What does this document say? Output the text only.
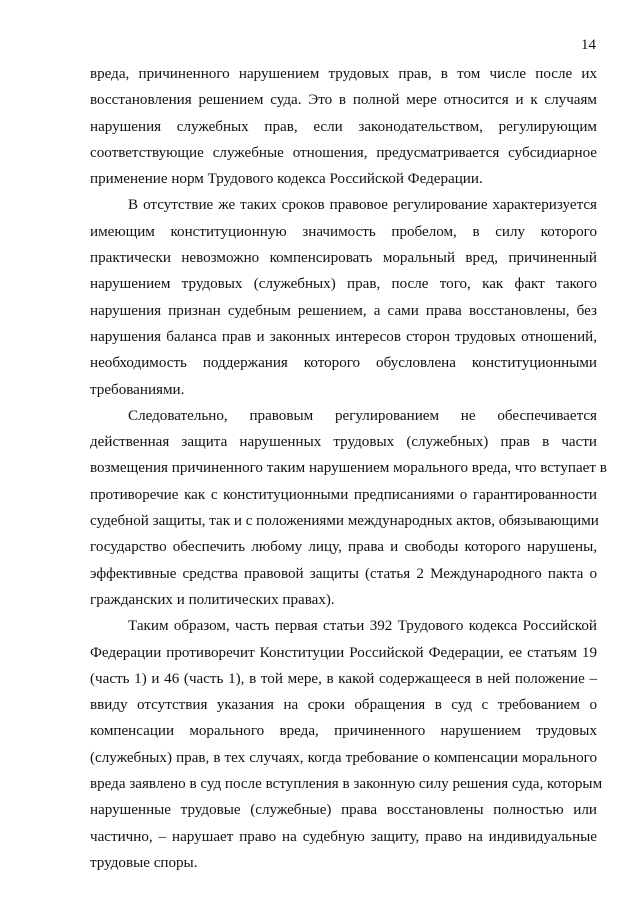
14
вреда, причиненного нарушением трудовых прав, в том числе после их
восстановления решением суда. Это в полной мере относится и к случаям
нарушения служебных прав, если законодательством, регулирующим
соответствующие служебные отношения, предусматривается субсидиарное
применение норм Трудового кодекса Российской Федерации.
В отсутствие же таких сроков правовое регулирование характеризуется
имеющим конституционную значимость пробелом, в силу которого
практически невозможно компенсировать моральный вред, причиненный
нарушением трудовых (служебных) прав, после того, как факт такого
нарушения признан судебным решением, а сами права восстановлены, без
нарушения баланса прав и законных интересов сторон трудовых отношений,
необходимость поддержания которого обусловлена конституционными
требованиями.
Следовательно, правовым регулированием не обеспечивается
действенная защита нарушенных трудовых (служебных) прав в части
возмещения причиненного таким нарушением морального вреда, что вступает в
противоречие как с конституционными предписаниями о гарантированности
судебной защиты, так и с положениями международных актов, обязывающими
государство обеспечить любому лицу, права и свободы которого нарушены,
эффективные средства правовой защиты (статья 2 Международного пакта о
гражданских и политических правах).
Таким образом, часть первая статьи 392 Трудового кодекса Российской
Федерации противоречит Конституции Российской Федерации, ее статьям 19
(часть 1) и 46 (часть 1), в той мере, в какой содержащееся в ней положение –
ввиду отсутствия указания на сроки обращения в суд с требованием о
компенсации морального вреда, причиненного нарушением трудовых
(служебных) прав, в тех случаях, когда требование о компенсации морального
вреда заявлено в суд после вступления в законную силу решения суда, которым
нарушенные трудовые (служебные) права восстановлены полностью или
частично, – нарушает право на судебную защиту, право на индивидуальные
трудовые споры.
